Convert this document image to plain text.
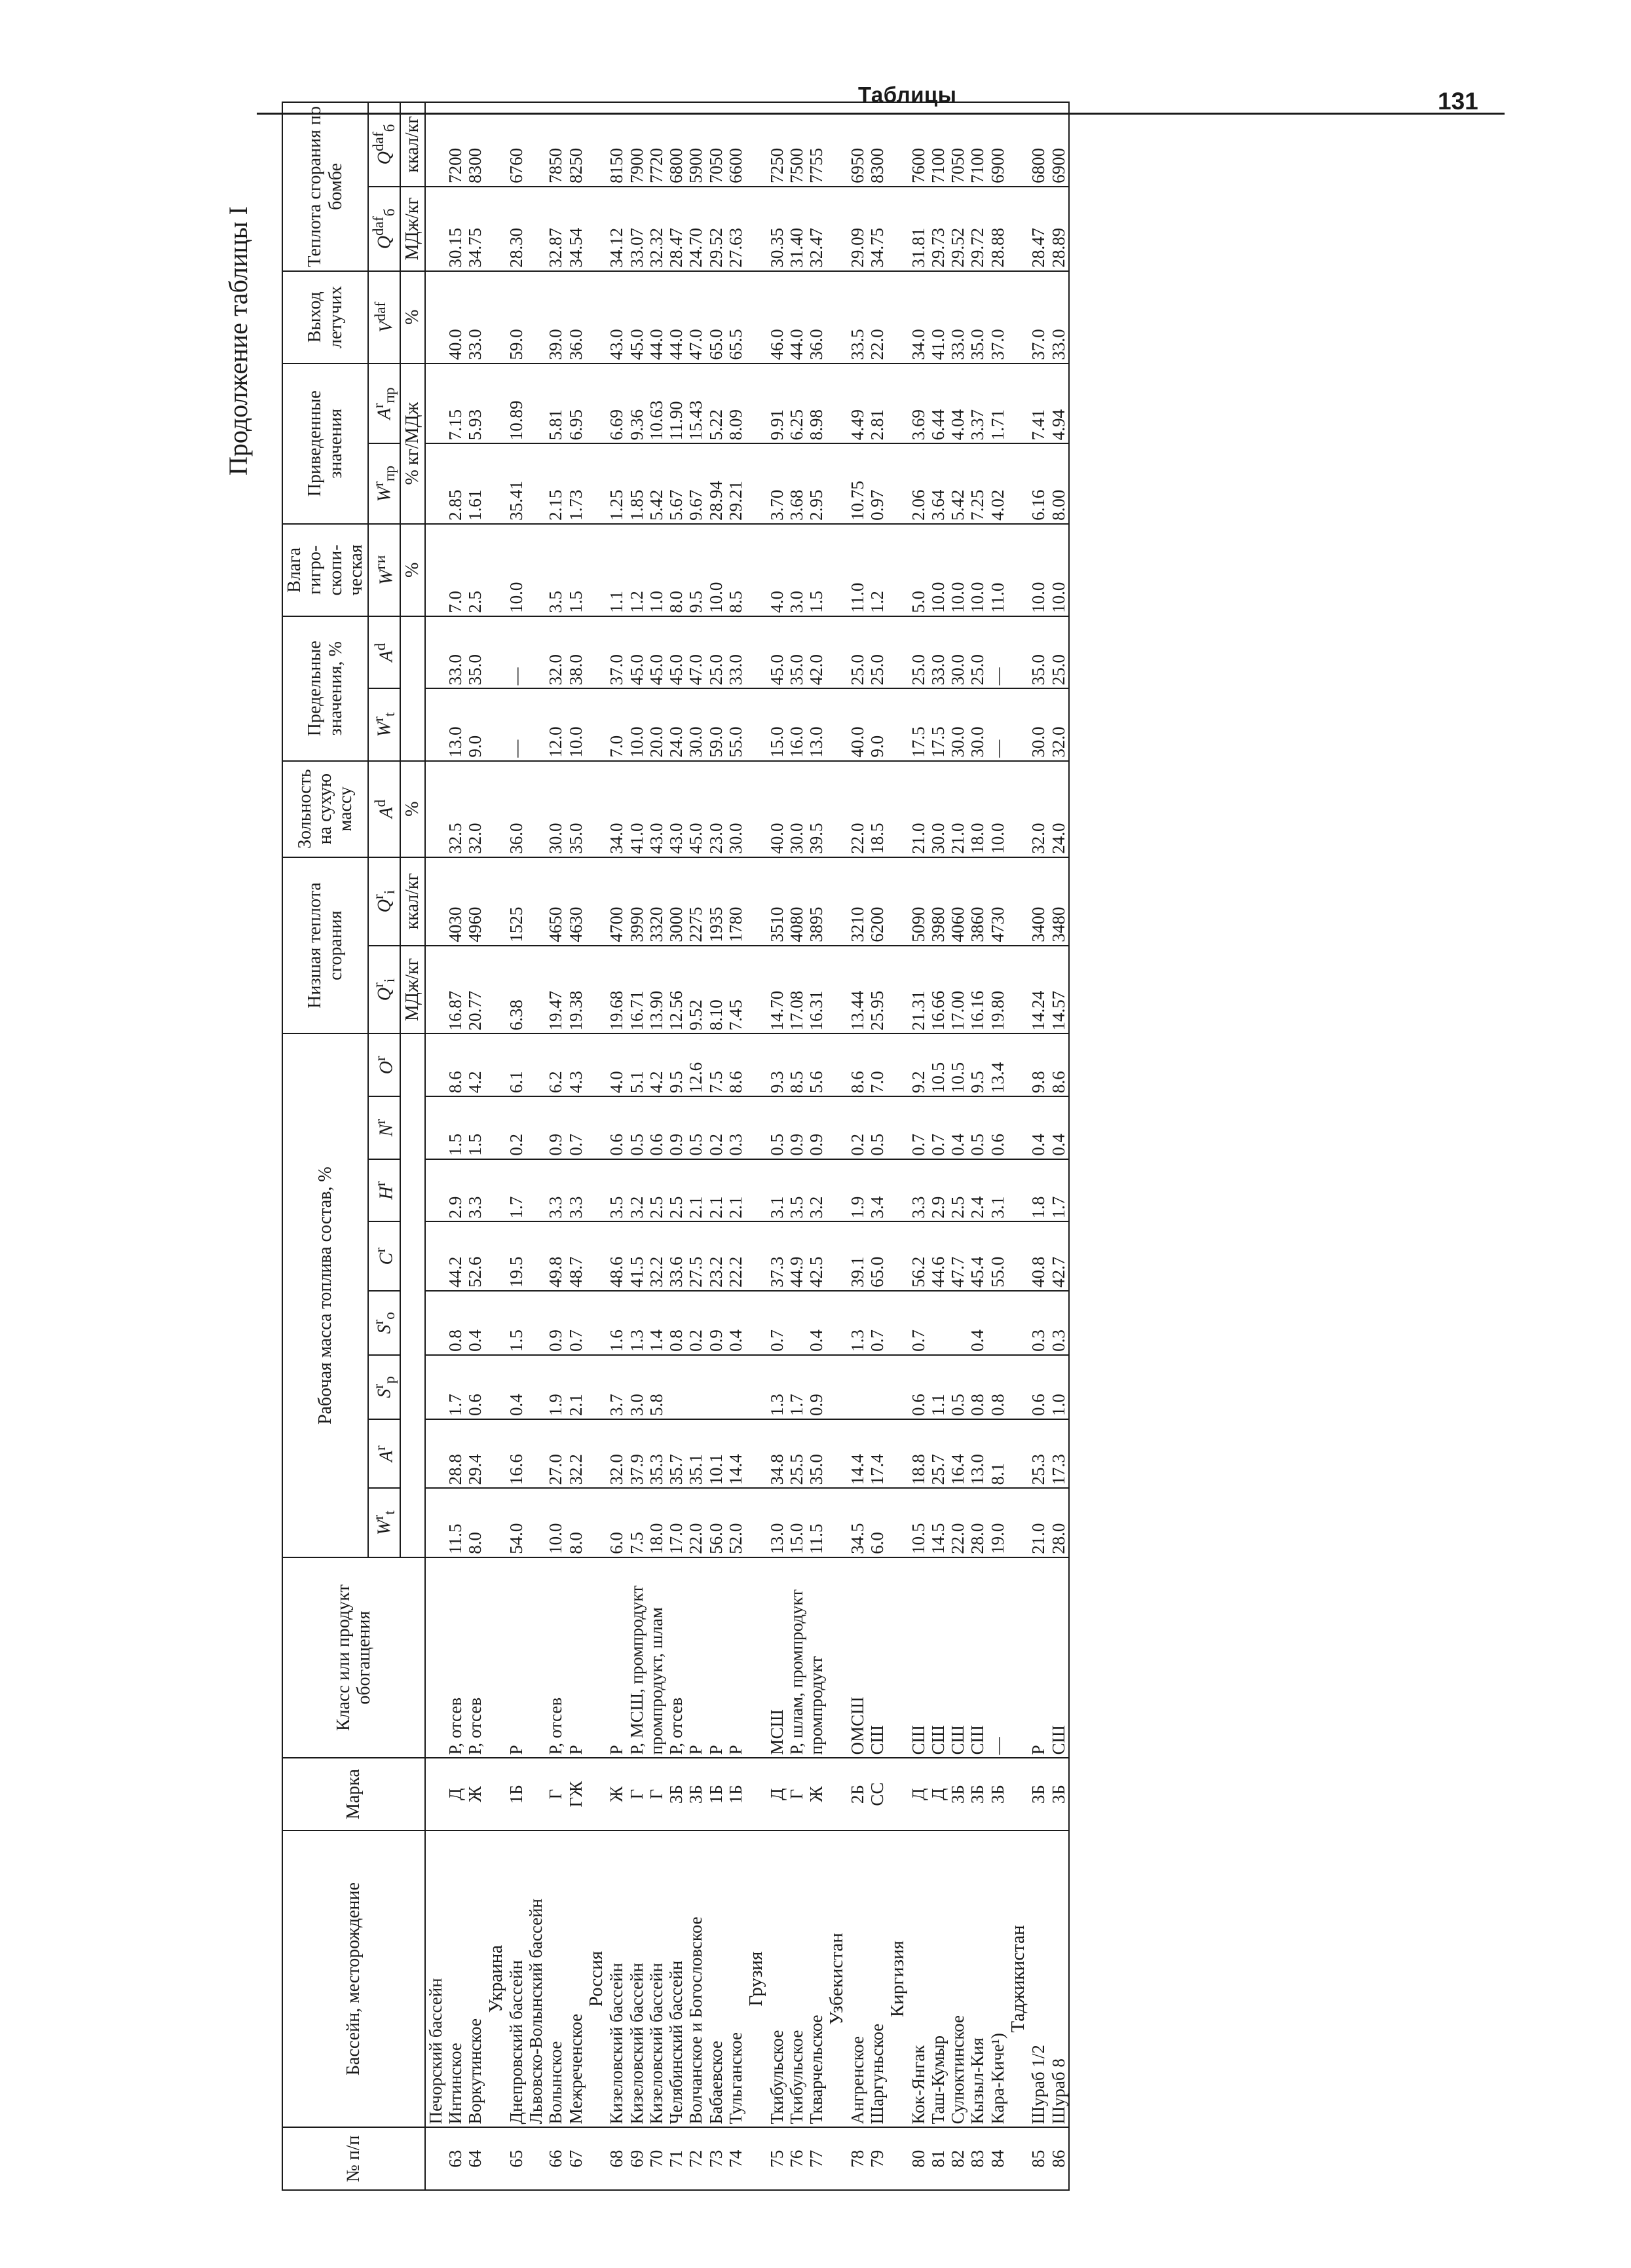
Таблицы	131
Продолжение таблицы I
№ п/п	Бассейн, месторождение	Марка	Класс или продукт обогащения	Рабочая масса топлива состав, %								Низшая теплота сгорания		Зольность на сухую массу	Предельные значения, %		Влага гигро-скопи-ческая	Приведенные значения		Выход летучих	Теплота сгорания по бомбе	
				$W^r_t$	$A^r$	$S^r_p$	$S^r_o$	$C^r$	$H^r$	$N^r$	$O^r$	$Q^r_i$	$Q^r_i$	$A^d$	$W^r_t$	$A^d$	$W^{ги}$	$W^r_{пр}$	$A^r_{пр}$	$V^{daf}$	$Q^{daf}_б$	$Q^{daf}_б$
												МДж/кг	ккал/кг	%			%	% кг/МДж		%	МДж/кг	ккал/кг
	Печорский бассейн																					
63	Интинское	Д	Р, отсев	11.5	28.8	1.7	0.8	44.2	2.9	1.5	8.6	16.87	4030	32.5	13.0	33.0	7.0	2.85	7.15	40.0	30.15	7200
64	Воркутинское	Ж	Р, отсев	8.0	29.4	0.6	0.4	52.6	3.3	1.5	4.2	20.77	4960	32.0	9.0	35.0	2.5	1.61	5.93	33.0	34.75	8300
	Украина																					
65	Днепровский бассейн	1Б	Р	54.0	16.6	0.4	1.5	19.5	1.7	0.2	6.1	6.38	1525	36.0	—	—	10.0	35.41	10.89	59.0	28.30	6760
	Львовско-Волынский бассейн																					
66	Волынское	Г	Р, отсев	10.0	27.0	1.9	0.9	49.8	3.3	0.9	6.2	19.47	4650	30.0	12.0	32.0	3.5	2.15	5.81	39.0	32.87	7850
67	Межреченское	ГЖ	Р	8.0	32.2	2.1	0.7	48.7	3.3	0.7	4.3	19.38	4630	35.0	10.0	38.0	1.5	1.73	6.95	36.0	34.54	8250
	Россия																					
68	Кизеловский бассейн	Ж	Р	6.0	32.0	3.7	1.6	48.6	3.5	0.6	4.0	19.68	4700	34.0	7.0	37.0	1.1	1.25	6.69	43.0	34.12	8150
69	Кизеловский бассейн	Г	Р, МСШ, промпродукт	7.5	37.9	3.0	1.3	41.5	3.2	0.5	5.1	16.71	3990	41.0	10.0	45.0	1.2	1.85	9.36	45.0	33.07	7900
70	Кизеловский бассейн	Г	промпродукт, шлам	18.0	35.3	5.8	1.4	32.2	2.5	0.6	4.2	13.90	3320	43.0	20.0	45.0	1.0	5.42	10.63	44.0	32.32	7720
71	Челябинский бассейн	3Б	Р, отсев	17.0	35.7		0.8	33.6	2.5	0.9	9.5	12.56	3000	43.0	24.0	45.0	8.0	5.67	11.90	44.0	28.47	6800
72	Волчанское и Богословское	3Б	Р	22.0	35.1		0.2	27.5	2.1	0.5	12.6	9.52	2275	45.0	30.0	47.0	9.5	9.67	15.43	47.0	24.70	5900
73	Бабаевское	1Б	Р	56.0	10.1		0.9	23.2	2.1	0.2	7.5	8.10	1935	23.0	59.0	25.0	10.0	28.94	5.22	65.0	29.52	7050
74	Тульганское	1Б	Р	52.0	14.4		0.4	22.2	2.1	0.3	8.6	7.45	1780	30.0	55.0	33.0	8.5	29.21	8.09	65.5	27.63	6600
	Грузия																					
75	Ткибульское	Д	МСШ	13.0	34.8	1.3	0.7	37.3	3.1	0.5	9.3	14.70	3510	40.0	15.0	45.0	4.0	3.70	9.91	46.0	30.35	7250
76	Ткибульское	Г	Р, шлам, промпродукт	15.0	25.5	1.7		44.9	3.5	0.9	8.5	17.08	4080	30.0	16.0	35.0	3.0	3.68	6.25	44.0	31.40	7500
77	Ткварчельское	Ж	промпродукт	11.5	35.0	0.9	0.4	42.5	3.2	0.9	5.6	16.31	3895	39.5	13.0	42.0	1.5	2.95	8.98	36.0	32.47	7755
	Узбекистан																					
78	Ангренское	2Б	ОМСШ	34.5	14.4		1.3	39.1	1.9	0.2	8.6	13.44	3210	22.0	40.0	25.0	11.0	10.75	4.49	33.5	29.09	6950
79	Шаргуньское	СС	СШ	6.0	17.4		0.7	65.0	3.4	0.5	7.0	25.95	6200	18.5	9.0	25.0	1.2	0.97	2.81	22.0	34.75	8300
	Киргизия																					
80	Кок-Янгак	Д	СШ	10.5	18.8	0.6	0.7	56.2	3.3	0.7	9.2	21.31	5090	21.0	17.5	25.0	5.0	2.06	3.69	34.0	31.81	7600
81	Таш-Кумыр	Д	СШ	14.5	25.7	1.1		44.6	2.9	0.7	10.5	16.66	3980	30.0	17.5	33.0	10.0	3.64	6.44	41.0	29.73	7100
82	Сулюктинское	3Б	СШ	22.0	16.4	0.5		47.7	2.5	0.4	10.5	17.00	4060	21.0	30.0	30.0	10.0	5.42	4.04	33.0	29.52	7050
83	Кызыл-Кия	3Б	СШ	28.0	13.0	0.8	0.4	45.4	2.4	0.5	9.5	16.16	3860	18.0	30.0	25.0	10.0	7.25	3.37	35.0	29.72	7100
84	Кара-Киче¹)	3Б	—	19.0	8.1	0.8		55.0	3.1	0.6	13.4	19.80	4730	10.0	—	—	11.0	4.02	1.71	37.0	28.88	6900
	Таджикистан																					
85	Шураб 1/2	3Б	Р	21.0	25.3	0.6	0.3	40.8	1.8	0.4	9.8	14.24	3400	32.0	30.0	35.0	10.0	6.16	7.41	37.0	28.47	6800
86	Шураб 8	3Б	СШ	28.0	17.3	1.0	0.3	42.7	1.7	0.4	8.6	14.57	3480	24.0	32.0	25.0	10.0	8.00	4.94	33.0	28.89	6900
